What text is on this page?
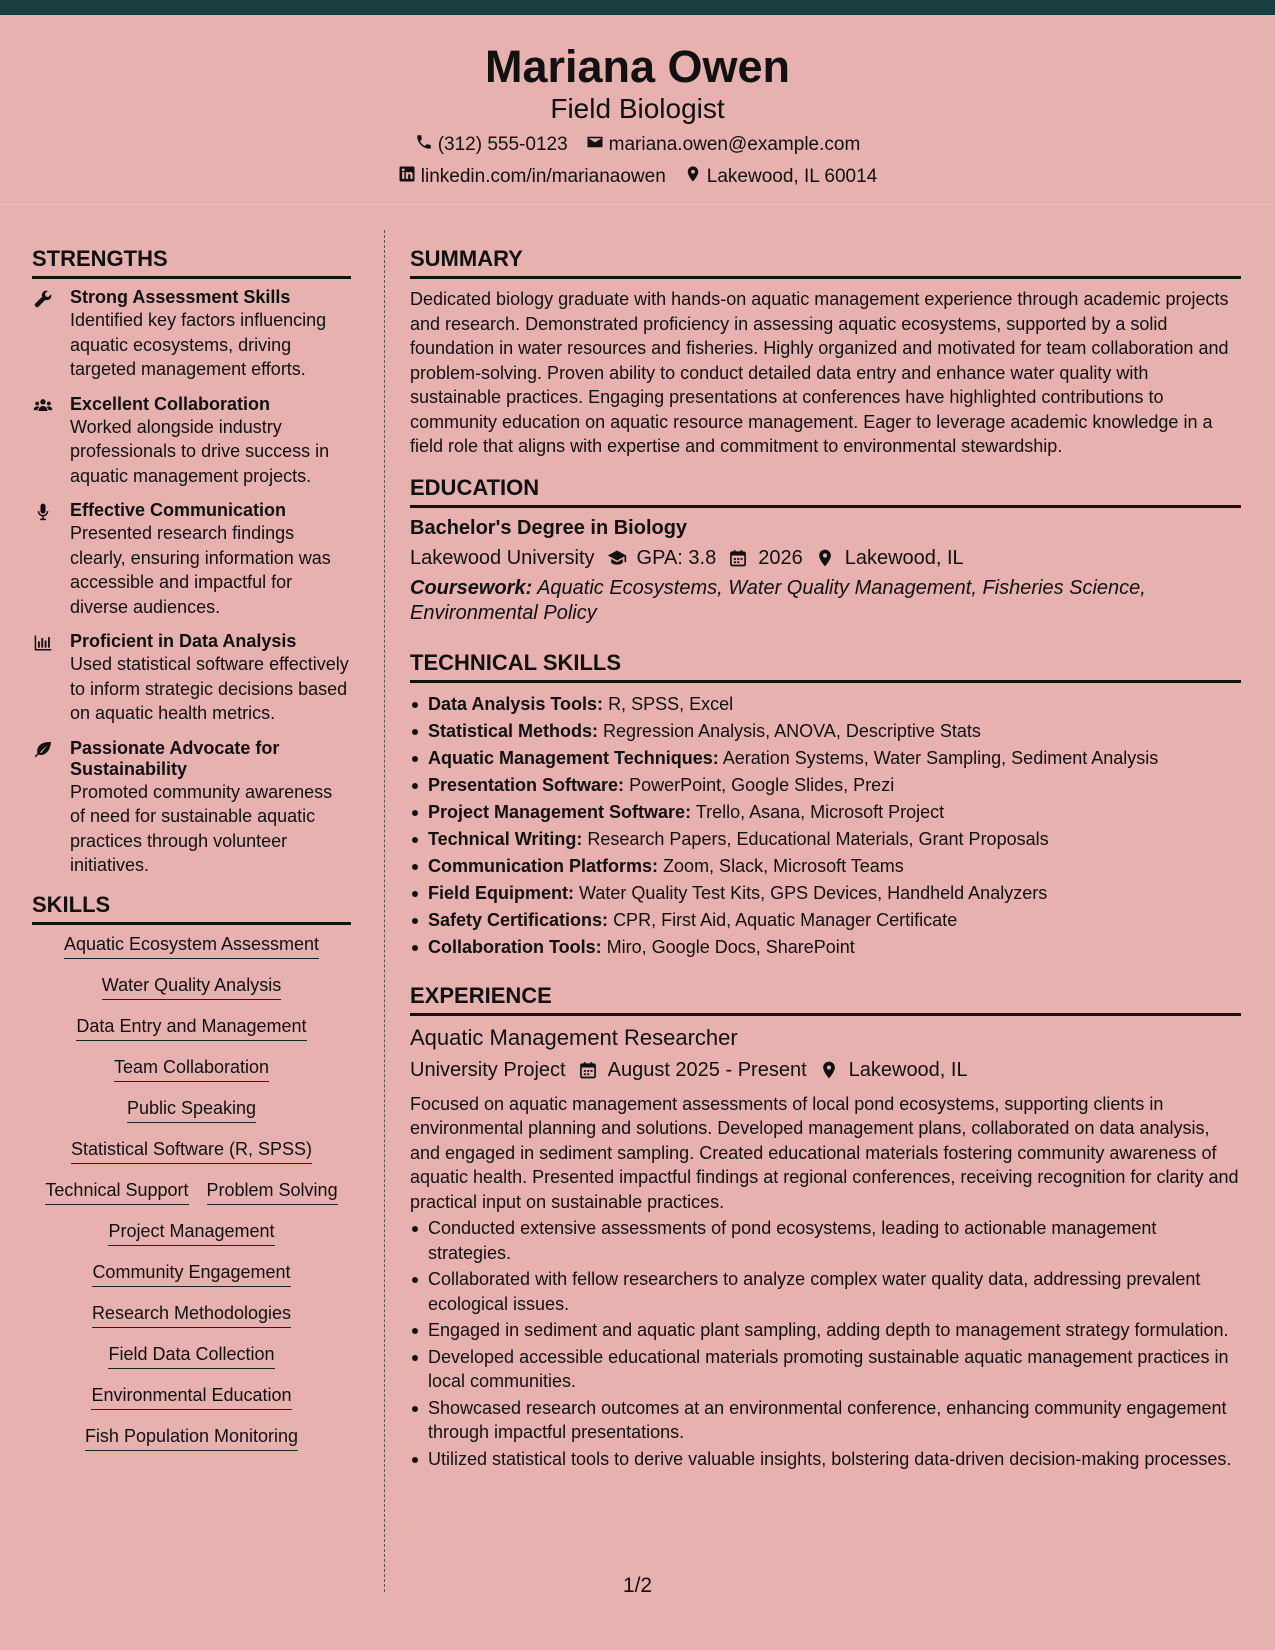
Mariana Owen
Field Biologist
(312) 555-0123 mariana.owen@example.com
linkedin.com/in/marianaowen Lakewood, IL 60014
STRENGTHS
Strong Assessment Skills
Identified key factors influencing aquatic ecosystems, driving targeted management efforts.
Excellent Collaboration
Worked alongside industry professionals to drive success in aquatic management projects.
Effective Communication
Presented research findings clearly, ensuring information was accessible and impactful for diverse audiences.
Proficient in Data Analysis
Used statistical software effectively to inform strategic decisions based on aquatic health metrics.
Passionate Advocate for Sustainability
Promoted community awareness of need for sustainable aquatic practices through volunteer initiatives.
SKILLS
Aquatic Ecosystem Assessment
Water Quality Analysis
Data Entry and Management
Team Collaboration
Public Speaking
Statistical Software (R, SPSS)
Technical Support Problem Solving
Project Management
Community Engagement
Research Methodologies
Field Data Collection
Environmental Education
Fish Population Monitoring
SUMMARY
Dedicated biology graduate with hands-on aquatic management experience through academic projects and research. Demonstrated proficiency in assessing aquatic ecosystems, supported by a solid foundation in water resources and fisheries. Highly organized and motivated for team collaboration and problem-solving. Proven ability to conduct detailed data entry and enhance water quality with sustainable practices. Engaging presentations at conferences have highlighted contributions to community education on aquatic resource management. Eager to leverage academic knowledge in a field role that aligns with expertise and commitment to environmental stewardship.
EDUCATION
Bachelor's Degree in Biology
Lakewood University GPA: 3.8 2026 Lakewood, IL
Coursework: Aquatic Ecosystems, Water Quality Management, Fisheries Science, Environmental Policy
TECHNICAL SKILLS
Data Analysis Tools: R, SPSS, Excel
Statistical Methods: Regression Analysis, ANOVA, Descriptive Stats
Aquatic Management Techniques: Aeration Systems, Water Sampling, Sediment Analysis
Presentation Software: PowerPoint, Google Slides, Prezi
Project Management Software: Trello, Asana, Microsoft Project
Technical Writing: Research Papers, Educational Materials, Grant Proposals
Communication Platforms: Zoom, Slack, Microsoft Teams
Field Equipment: Water Quality Test Kits, GPS Devices, Handheld Analyzers
Safety Certifications: CPR, First Aid, Aquatic Manager Certificate
Collaboration Tools: Miro, Google Docs, SharePoint
EXPERIENCE
Aquatic Management Researcher
University Project August 2025 - Present Lakewood, IL
Focused on aquatic management assessments of local pond ecosystems, supporting clients in environmental planning and solutions. Developed management plans, collaborated on data analysis, and engaged in sediment sampling. Created educational materials fostering community awareness of aquatic health. Presented impactful findings at regional conferences, receiving recognition for clarity and practical input on sustainable practices.
Conducted extensive assessments of pond ecosystems, leading to actionable management strategies.
Collaborated with fellow researchers to analyze complex water quality data, addressing prevalent ecological issues.
Engaged in sediment and aquatic plant sampling, adding depth to management strategy formulation.
Developed accessible educational materials promoting sustainable aquatic management practices in local communities.
Showcased research outcomes at an environmental conference, enhancing community engagement through impactful presentations.
Utilized statistical tools to derive valuable insights, bolstering data-driven decision-making processes.
1/2
